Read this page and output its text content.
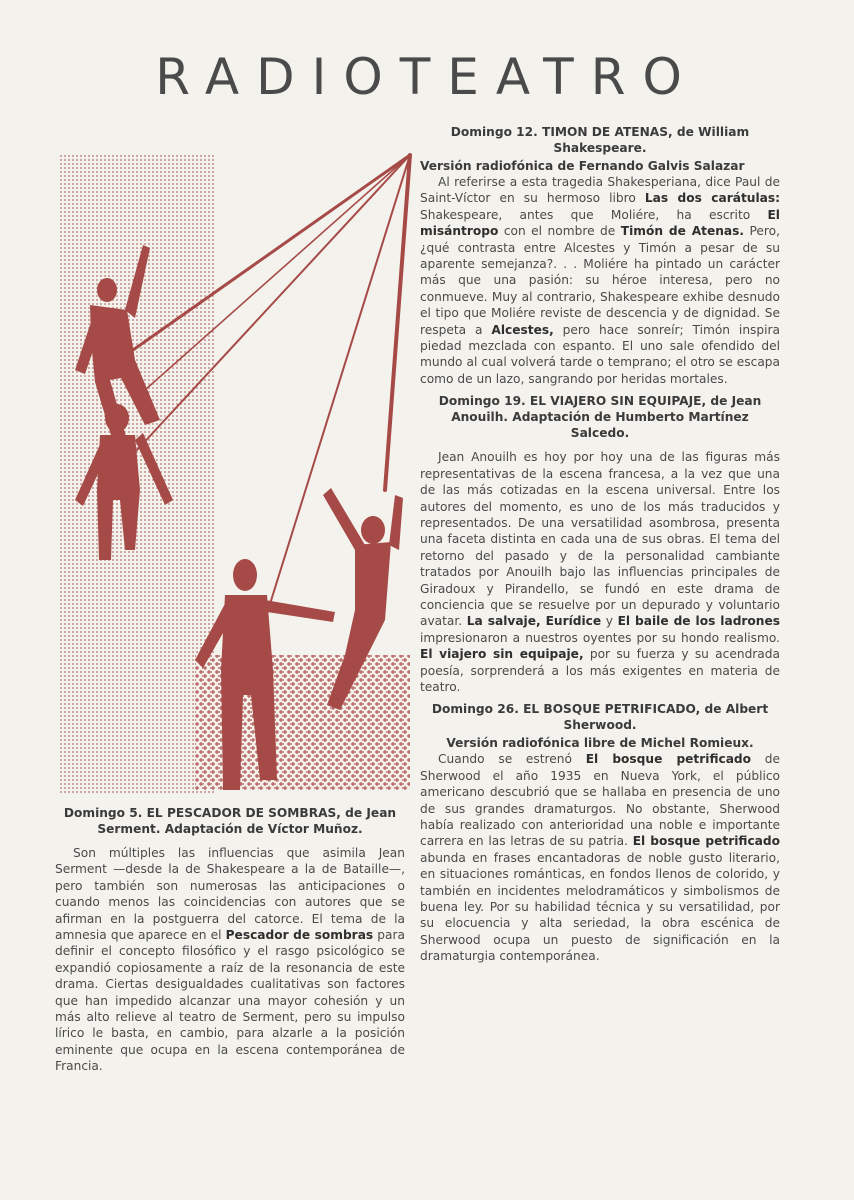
RADIOTEATRO

Domingo 12. TIMON DE ATENAS, de William Shakespeare.

Versión radiofónica de Fernando Galvis Salazar

Al referirse a esta tragedia Shakesperiana, dice Paul de Saint-Víctor en su hermoso libro Las dos carátulas: Shakespeare, antes que Moliére, ha escrito El misántropo con el nombre de Timón de Atenas. Pero, ¿qué contrasta entre Alcestes y Timón a pesar de su aparente semejanza?. . . Moliére ha pintado un carácter más que una pasión: su héroe interesa, pero no conmueve. Muy al contrario, Shakespeare exhibe desnudo el tipo que Moliére reviste de descencia y de dignidad. Se respeta a Alcestes, pero hace sonreír; Timón inspira piedad mezclada con espanto. El uno sale ofendido del mundo al cual volverá tarde o temprano; el otro se escapa como de un lazo, sangrando por heridas mortales.

Domingo 19. EL VIAJERO SIN EQUIPAJE, de Jean Anouilh. Adaptación de Humberto Martínez Salcedo.

Jean Anouilh es hoy por hoy una de las figuras más representativas de la escena francesa, a la vez que una de las más cotizadas en la escena universal. Entre los autores del momento, es uno de los más traducidos y representados. De una versatilidad asombrosa, presenta una faceta distinta en cada una de sus obras. El tema del retorno del pasado y de la personalidad cambiante tratados por Anouilh bajo las influencias principales de Giradoux y Pirandello, se fundó en este drama de conciencia que se resuelve por un depurado y voluntario avatar. La salvaje, Eurídice y El baile de los ladrones impresionaron a nuestros oyentes por su hondo realismo. El viajero sin equipaje, por su fuerza y su acendrada poesía, sorprenderá a los más exigentes en materia de teatro.

Domingo 26. EL BOSQUE PETRIFICADO, de Albert Sherwood.

Versión radiofónica libre de Michel Romieux.

Cuando se estrenó El bosque petrificado de Sherwood el año 1935 en Nueva York, el público americano descubrió que se hallaba en presencia de uno de sus grandes dramaturgos. No obstante, Sherwood había realizado con anterioridad una noble e importante carrera en las letras de su patria. El bosque petrificado abunda en frases encantadoras de noble gusto literario, en situaciones románticas, en fondos llenos de colorido, y también en incidentes melodramáticos y simbolismos de buena ley. Por su habilidad técnica y su versatilidad, por su elocuencia y alta seriedad, la obra escénica de Sherwood ocupa un puesto de significación en la dramaturgia contemporánea.

Domingo 5. EL PESCADOR DE SOMBRAS, de Jean Serment. Adaptación de Víctor Muñoz.

Son múltiples las influencias que asimila Jean Serment —desde la de Shakespeare a la de Bataille—, pero también son numerosas las anticipaciones o cuando menos las coincidencias con autores que se afirman en la postguerra del catorce. El tema de la amnesia que aparece en el Pescador de sombras para definir el concepto filosófico y el rasgo psicológico se expandió copiosamente a raíz de la resonancia de este drama. Ciertas desigualdades cualitativas son factores que han impedido alcanzar una mayor cohesión y un más alto relieve al teatro de Serment, pero su impulso lírico le basta, en cambio, para alzarle a la posición eminente que ocupa en la escena contemporánea de Francia.
